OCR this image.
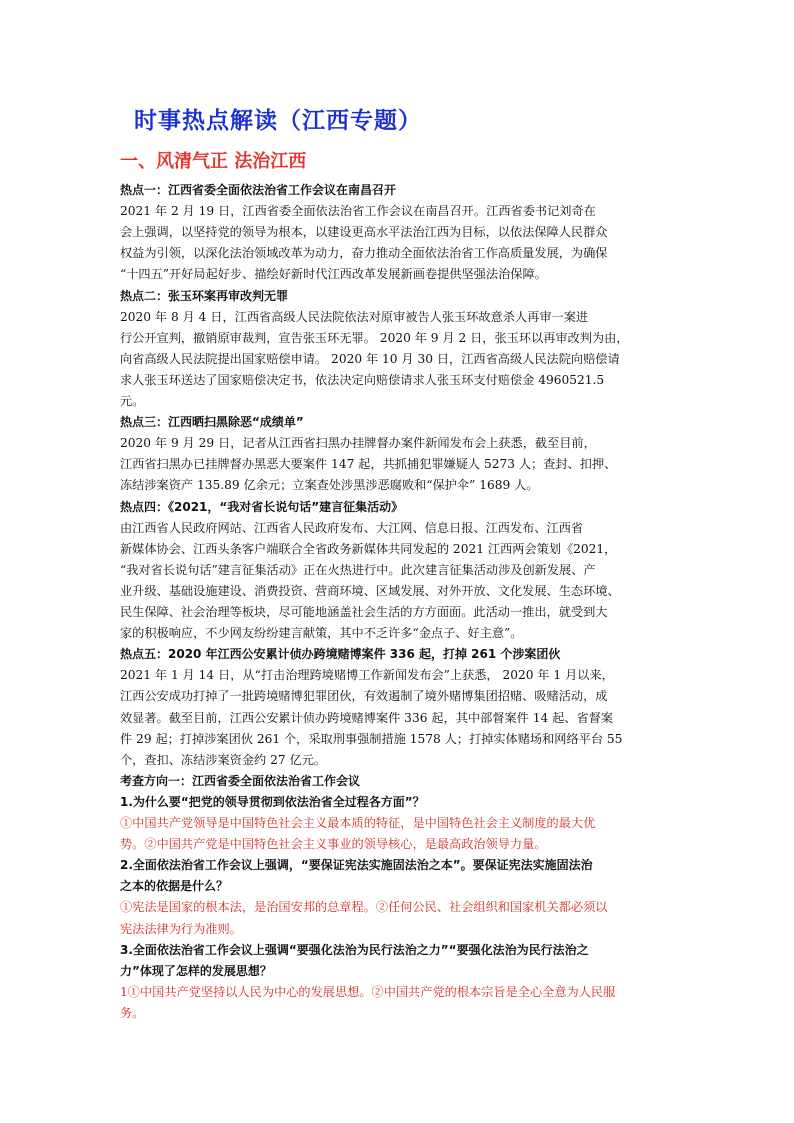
时事热点解读（江西专题）
一、风清气正 法治江西
热点一：江西省委全面依法治省工作会议在南昌召开
2021 年 2 月 19 日，江西省委全面依法治省工作会议在南昌召开。江西省委书记刘奇在
会上强调，以坚持党的领导为根本，以建设更高水平法治江西为目标，以依法保障人民群众
权益为引领，以深化法治领域改革为动力，奋力推动全面依法治省工作高质量发展，为确保
“十四五”开好局起好步、描绘好新时代江西改革发展新画卷提供坚强法治保障。
热点二：张玉环案再审改判无罪
2020 年 8 月 4 日，江西省高级人民法院依法对原审被告人张玉环故意杀人再审一案进
行公开宣判，撤销原审裁判，宣告张玉环无罪。 2020 年 9 月 2 日，张玉环以再审改判为由，
向省高级人民法院提出国家赔偿申请。 2020 年 10 月 30 日，江西省高级人民法院向赔偿请
求人张玉环送达了国家赔偿决定书，依法决定向赔偿请求人张玉环支付赔偿金 4960521.5
元。
热点三：江西晒扫黑除恶“成绩单”
2020 年 9 月 29 日，记者从江西省扫黑办挂牌督办案件新闻发布会上获悉，截至目前，
江西省扫黑办已挂牌督办黑恶大要案件 147 起，共抓捕犯罪嫌疑人 5273 人；查封、扣押、
冻结涉案资产 135.89 亿余元；立案查处涉黑涉恶腐败和“保护伞” 1689 人。
热点四：《2021，“我对省长说句话”建言征集活动》
由江西省人民政府网站、江西省人民政府发布、大江网、信息日报、江西发布、江西省
新媒体协会、江西头条客户端联合全省政务新媒体共同发起的 2021 江西两会策划《2021，
“我对省长说句话”建言征集活动》正在火热进行中。此次建言征集活动涉及创新发展、产
业升级、基础设施建设、消费投资、营商环境、区域发展、对外开放、文化发展、生态环境、
民生保障、社会治理等板块，尽可能地涵盖社会生活的方方面面。此活动一推出，就受到大
家的积极响应，不少网友纷纷建言献策，其中不乏许多“金点子、好主意”。
热点五：2020 年江西公安累计侦办跨境赌博案件 336 起，打掉 261 个涉案团伙
2021 年 1 月 14 日，从“打击治理跨境赌博工作新闻发布会”上获悉， 2020 年 1 月以来，
江西公安成功打掉了一批跨境赌博犯罪团伙，有效遏制了境外赌博集团招赌、吸赌活动，成
效显著。截至目前，江西公安累计侦办跨境赌博案件 336 起，其中部督案件 14 起、省督案
件 29 起；打掉涉案团伙 261 个，采取刑事强制措施 1578 人；打掉实体赌场和网络平台 55
个，查扣、冻结涉案资金约 27 亿元。
考查方向一：江西省委全面依法治省工作会议
1.为什么要“把党的领导贯彻到依法治省全过程各方面”？
①中国共产党领导是中国特色社会主义最本质的特征，是中国特色社会主义制度的最大优
势。②中国共产党是中国特色社会主义事业的领导核心，是最高政治领导力量。
2.全面依法治省工作会议上强调，“要保证宪法实施固法治之本”。要保证宪法实施固法治
之本的依据是什么？
①宪法是国家的根本法，是治国安邦的总章程。②任何公民、社会组织和国家机关都必须以
宪法法律为行为准则。
3.全面依法治省工作会议上强调“要强化法治为民行法治之力”“要强化法治为民行法治之
力”体现了怎样的发展思想？
1①中国共产党坚持以人民为中心的发展思想。②中国共产党的根本宗旨是全心全意为人民服
务。
